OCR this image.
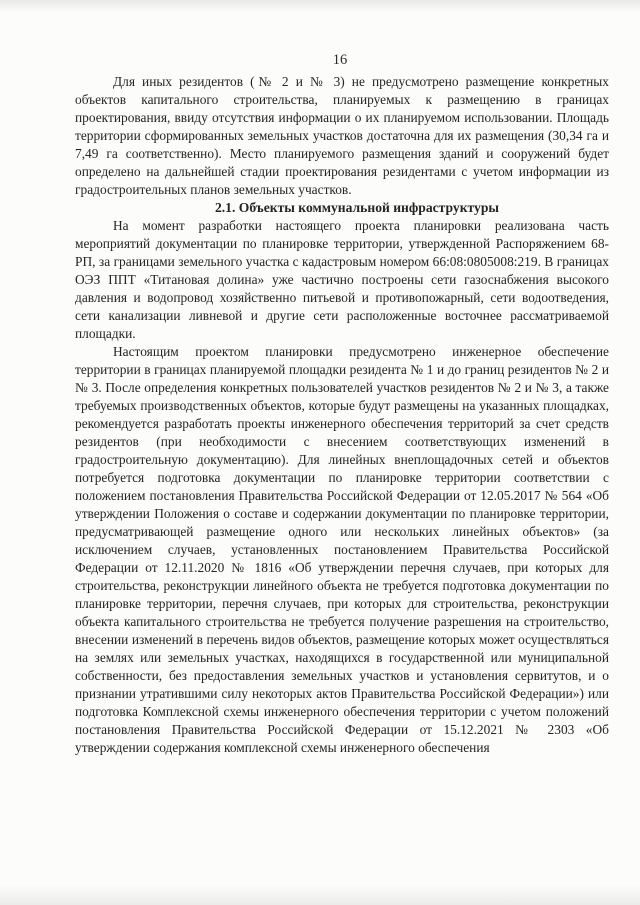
16

Для иных резидентов (№ 2 и № 3) не предусмотрено размещение конкретных объектов капитального строительства, планируемых к размещению в границах проектирования, ввиду отсутствия информации о их планируемом использовании. Площадь территории сформированных земельных участков достаточна для их размещения (30,34 га и 7,49 га соответственно). Место планируемого размещения зданий и сооружений будет определено на дальнейшей стадии проектирования резидентами с учетом информации из градостроительных планов земельных участков.

2.1. Объекты коммунальной инфраструктуры

На момент разработки настоящего проекта планировки реализована часть мероприятий документации по планировке территории, утвержденной Распоряжением 68-РП, за границами земельного участка с кадастровым номером 66:08:0805008:219. В границах ОЭЗ ППТ «Титановая долина» уже частично построены сети газоснабжения высокого давления и водопровод хозяйственно питьевой и противопожарный, сети водоотведения, сети канализации ливневой и другие сети расположенные восточнее рассматриваемой площадки.

Настоящим проектом планировки предусмотрено инженерное обеспечение территории в границах планируемой площадки резидента № 1 и до границ резидентов № 2 и № 3. После определения конкретных пользователей участков резидентов № 2 и № 3, а также требуемых производственных объектов, которые будут размещены на указанных площадках, рекомендуется разработать проекты инженерного обеспечения территорий за счет средств резидентов (при необходимости с внесением соответствующих изменений в градостроительную документацию). Для линейных внеплощадочных сетей и объектов потребуется подготовка документации по планировке территории соответствии с положением постановления Правительства Российской Федерации от 12.05.2017 № 564 «Об утверждении Положения о составе и содержании документации по планировке территории, предусматривающей размещение одного или нескольких линейных объектов» (за исключением случаев, установленных постановлением Правительства Российской Федерации от 12.11.2020 № 1816 «Об утверждении перечня случаев, при которых для строительства, реконструкции линейного объекта не требуется подготовка документации по планировке территории, перечня случаев, при которых для строительства, реконструкции объекта капитального строительства не требуется получение разрешения на строительство, внесении изменений в перечень видов объектов, размещение которых может осуществляться на землях или земельных участках, находящихся в государственной или муниципальной собственности, без предоставления земельных участков и установления сервитутов, и о признании утратившими силу некоторых актов Правительства Российской Федерации») или подготовка Комплексной схемы инженерного обеспечения территории с учетом положений постановления Правительства Российской Федерации от 15.12.2021 № 2303 «Об утверждении содержания комплексной схемы инженерного обеспечения
